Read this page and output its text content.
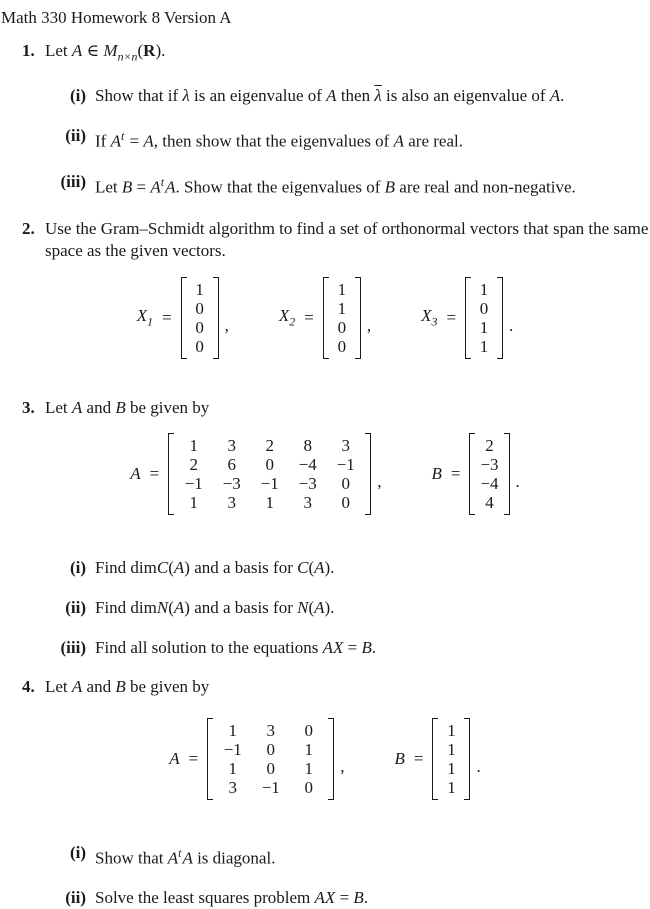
Math 330 Homework 8 Version A
1. Let A ∈ $M_{n\times n}(R)$.
(i) Show that if λ is an eigenvalue of A then $\overline{\lambda}$ is also an eigenvalue of A.
(ii) If $A^t = A$, then show that the eigenvalues of A are real.
(iii) Let $B = A^tA$. Show that the eigenvalues of B are real and non-negative.
2. Use the Gram–Schmidt algorithm to find a set of orthonormal vectors that span the same space as the given vectors.
$X_1$ =
1
0
0
0
,
$X_2$ =
1
1
0
0
,
$X_3$ =
1
0
1
1
.
3. Let A and B be given by
A =
1	3	2	8	3
2	6	0	−4	−1
−1	−3	−1	−3	0
1	3	1	3	0
,	B =
2
−3
−4
4
.
(i) Find dimC(A) and a basis for C(A).
(ii) Find dimN(A) and a basis for N(A).
(iii) Find all solution to the equations AX = B.
4. Let A and B be given by
A =
1	3	0
−1	0	1
1	0	1
3	−1	0
,	B =
1
1
1
1
.
(i) Show that $A^tA$ is diagonal.
(ii) Solve the least squares problem AX = B.
